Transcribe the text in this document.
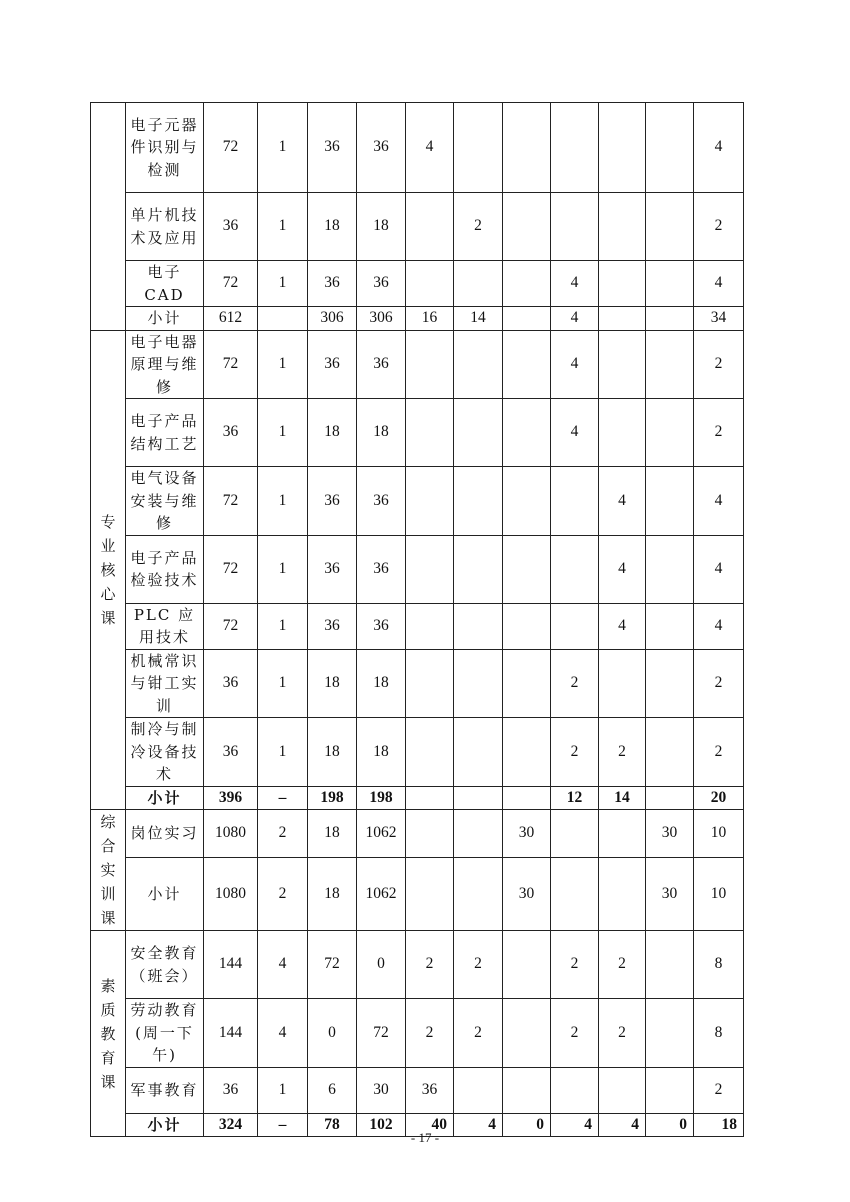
	电子元器件识别与检测	72	1	36	36	4						4
	单片机技术及应用	36	1	18	18		2					2
	电子CAD	72	1	36	36				4			4
	小计	612		306	306	16	14		4			34

专业核心课	电子电器原理与维修	72	1	36	36				4			2
	电子产品结构工艺	36	1	18	18				4			2
	电气设备安装与维修	72	1	36	36					4		4
	电子产品检验技术	72	1	36	36					4		4
	PLC 应用技术	72	1	36	36					4		4
	机械常识与钳工实训	36	1	18	18				2			2
	制冷与制冷设备技术	36	1	18	18				2	2		2
	小计	396	–	198	198				12	14		20

综合实训课	岗位实习	1080	2	18	1062			30			30	10
	小计	1080	2	18	1062			30			30	10

素质教育课	安全教育（班会）	144	4	72	0	2	2		2	2		8
	劳动教育(周一下午)	144	4	0	72	2	2		2	2		8
	军事教育	36	1	6	30	36						2
	小计	324	–	78	102	40	4	0	4	4	0	18
- 17 -
